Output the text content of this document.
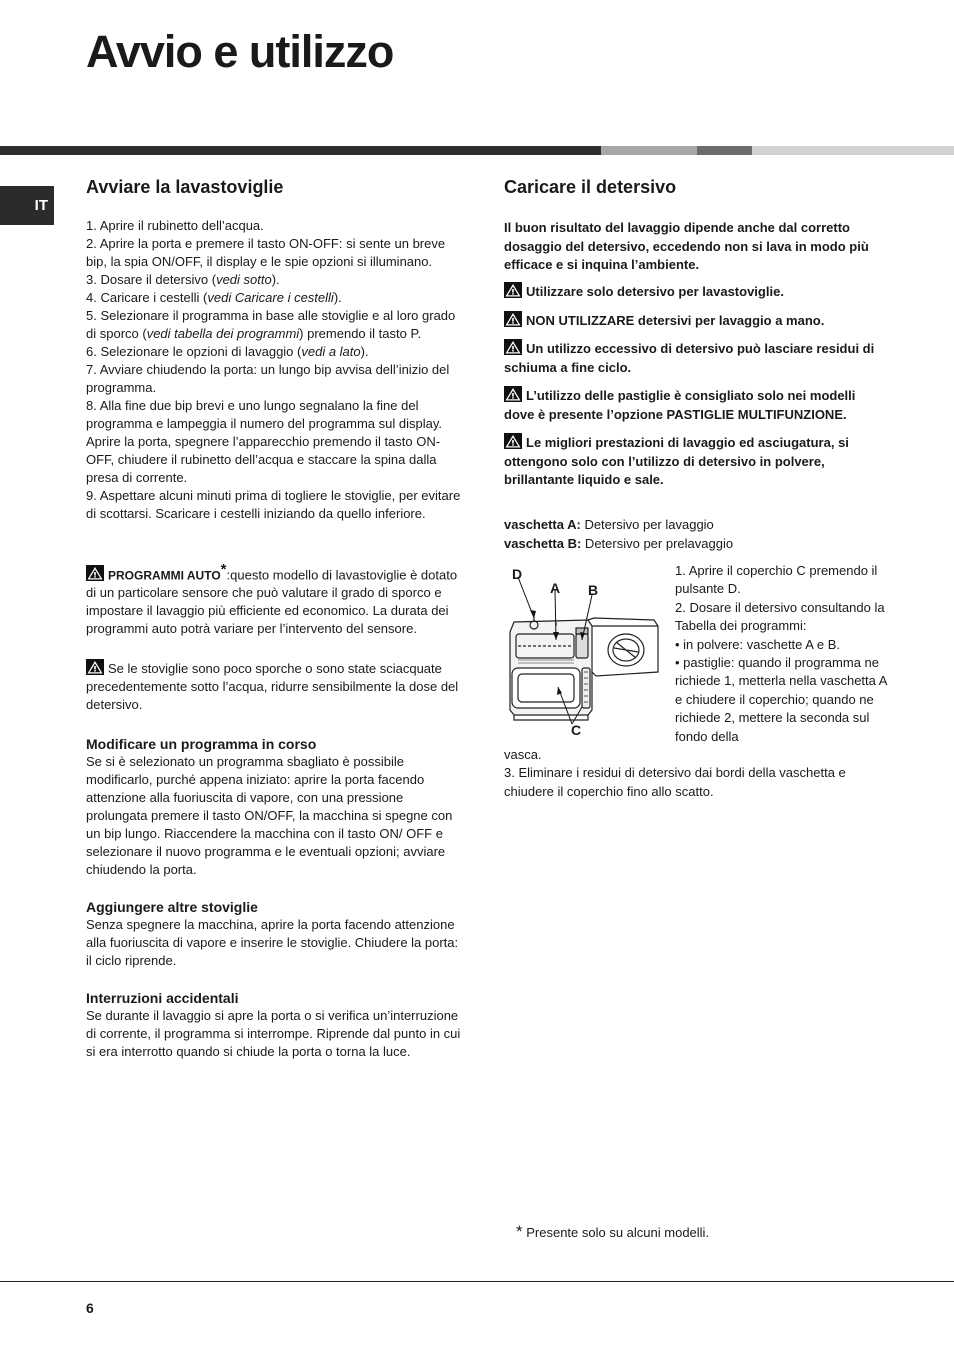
Avvio e utilizzo
IT
Avviare la lavastoviglie

1. Aprire il rubinetto dell’acqua.

2. Aprire la porta e premere il tasto ON-OFF: si sente un breve bip, la spia ON/OFF, il display e le spie opzioni si illuminano.

3. Dosare il detersivo (vedi sotto).

4. Caricare i cestelli (vedi Caricare i cestelli).

5. Selezionare il programma in base alle stoviglie e al loro grado di sporco (vedi tabella dei programmi) premendo il tasto P.

6. Selezionare le opzioni di lavaggio (vedi a lato).

7. Avviare chiudendo la porta: un lungo bip avvisa dell’inizio del programma.

8. Alla fine due bip brevi e uno lungo segnalano la fine del programma e lampeggia il numero del programma sul display. Aprire la porta, spegnere l’apparecchio premendo il tasto ON-OFF, chiudere il rubinetto dell’acqua e staccare la spina dalla presa di corrente.

9. Aspettare alcuni minuti prima di togliere le stoviglie, per evitare di scottarsi. Scaricare i cestelli iniziando da quello inferiore.

PROGRAMMI AUTO*:questo modello di lavastoviglie è dotato di un particolare sensore che può valutare il grado di sporco e impostare il lavaggio più efficiente ed economico. La durata dei programmi auto potrà variare per l’intervento del sensore.

Se le stoviglie sono poco sporche o sono state sciacquate precedentemente sotto l’acqua, ridurre sensibilmente la dose del detersivo.

Modificare un programma in corso

Se si è selezionato un programma sbagliato è possibile modificarlo, purché appena iniziato: aprire la porta facendo attenzione alla fuoriuscita di vapore, con una pressione prolungata premere il tasto ON/OFF, la macchina si spegne con un bip lungo. Riaccendere la macchina con il tasto ON/ OFF e selezionare il nuovo programma e le eventuali opzioni; avviare chiudendo la porta.

Aggiungere altre stoviglie

Senza spegnere la macchina, aprire la porta facendo attenzione alla fuoriuscita di vapore e inserire le stoviglie. Chiudere la porta: il ciclo riprende.

Interruzioni accidentali

Se durante il lavaggio si apre la porta o si verifica un’interruzione di corrente, il programma si interrompe. Riprende dal punto in cui si era interrotto quando si chiude la porta o torna la luce.

Caricare il detersivo
Il buon risultato del lavaggio dipende anche dal corretto dosaggio del detersivo, eccedendo non si lava in modo più efficace e si inquina l’ambiente.

Utilizzare solo detersivo per lavastoviglie.

NON UTILIZZARE detersivi per lavaggio a mano.

Un utilizzo eccessivo di detersivo può lasciare residui di schiuma a fine ciclo.

L’utilizzo delle pastiglie è consigliato solo nei modelli dove è presente l’opzione PASTIGLIE MULTIFUNZIONE.

Le migliori prestazioni di lavaggio ed asciugatura, si ottengono solo con l’utilizzo di detersivo in polvere, brillantante liquido e sale.

vaschetta A: Detersivo per lavaggio

vaschetta B: Detersivo per prelavaggio

D
A B
C

1. Aprire il coperchio C premendo il pulsante D.

2. Dosare il detersivo consultando la Tabella dei programmi:

• in polvere: vaschette A e B.

• pastiglie: quando il programma ne richiede 1, metterla nella vaschetta A e chiudere il coperchio; quando ne richiede 2, mettere la seconda sul fondo della

vasca.

3. Eliminare i residui di detersivo dai bordi della vaschetta e chiudere il coperchio fino allo scatto.

* Presente solo su alcuni modelli.
6
